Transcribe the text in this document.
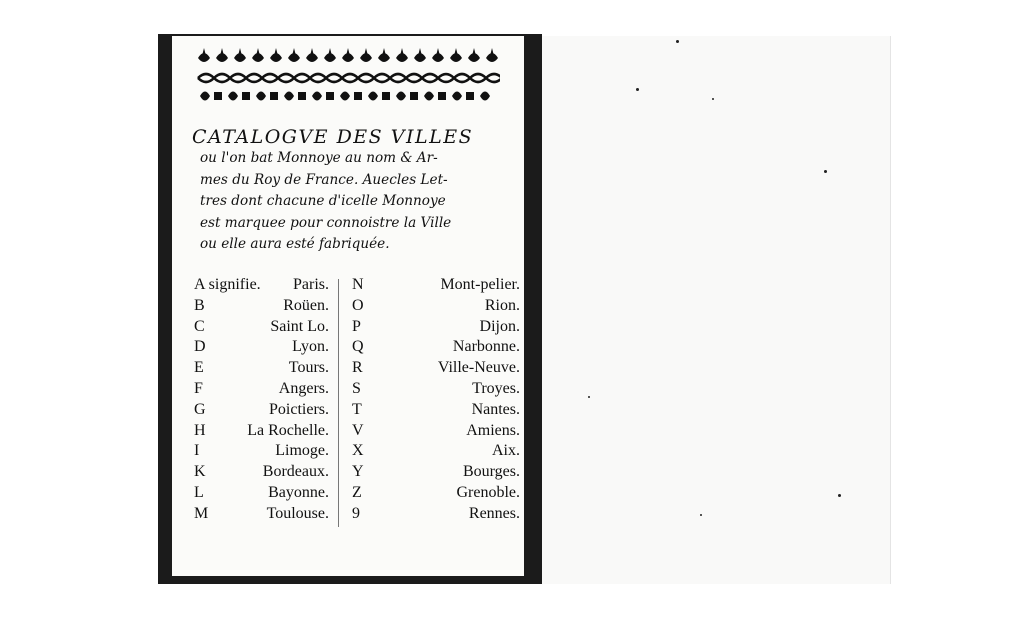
CATALOGVE DES VILLES
ou l'on bat Monnoye au nom & Ar-
mes du Roy de France. Auecles Let-
tres dont chacune d'icelle Monnoye
est marquee pour connoistre la Ville
ou elle aura esté fabriquée.
A signifie. Paris.
B	Roüen.
C	Saint Lo.
D	Lyon.
E	Tours.
F	Angers.
G	Poictiers.
H	La Rochelle.
I	Limoge.
K	Bordeaux.
L	Bayonne.
M	Toulouse.
N	Mont-pelier.
O	Rion.
P	Dijon.
Q	Narbonne.
R	Ville-Neuve.
S	Troyes.
T	Nantes.
V	Amiens.
X	Aix.
Y	Bourges.
Z	Grenoble.
9	Rennes.
